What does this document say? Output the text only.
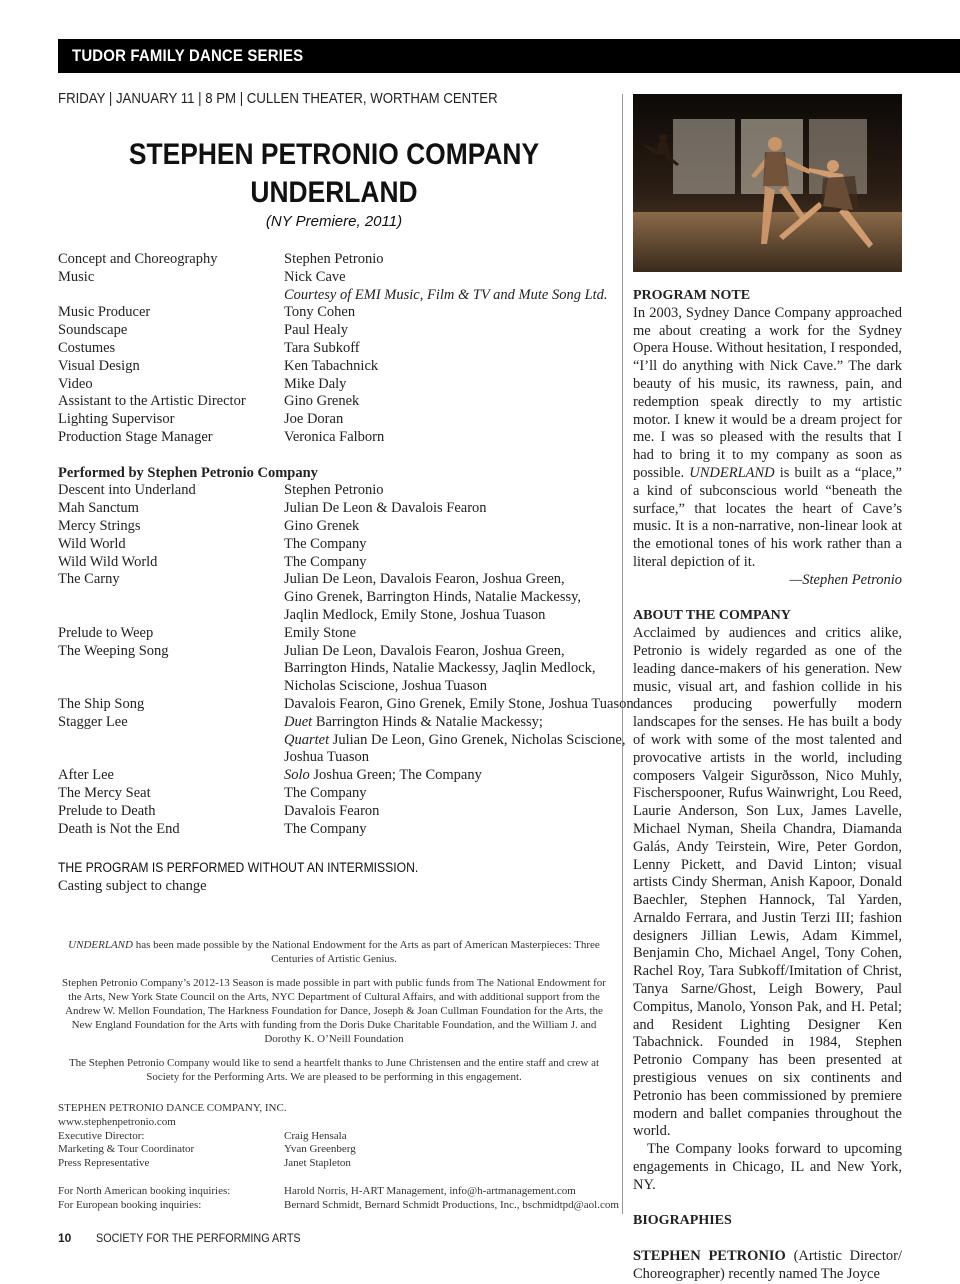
TUDOR FAMILY DANCE SERIES
FRIDAY | JANUARY 11 | 8 PM | CULLEN THEATER, WORTHAM CENTER
STEPHEN PETRONIO COMPANY
UNDERLAND
(NY Premiere, 2011)
Concept and Choreography	Stephen Petronio
Music	Nick Cave
Courtesy of EMI Music, Film & TV and Mute Song Ltd.
Music Producer	Tony Cohen
Soundscape	Paul Healy
Costumes	Tara Subkoff
Visual Design	Ken Tabachnick
Video	Mike Daly
Assistant to the Artistic Director	Gino Grenek
Lighting Supervisor	Joe Doran
Production Stage Manager	Veronica Falborn
Performed by Stephen Petronio Company
Descent into Underland	Stephen Petronio
Mah Sanctum	Julian De Leon & Davalois Fearon
Mercy Strings	Gino Grenek
Wild World	The Company
Wild Wild World	The Company
The Carny	Julian De Leon, Davalois Fearon, Joshua Green,
Gino Grenek, Barrington Hinds, Natalie Mackessy,
Jaqlin Medlock, Emily Stone, Joshua Tuason
Prelude to Weep	Emily Stone
The Weeping Song	Julian De Leon, Davalois Fearon, Joshua Green,
Barrington Hinds, Natalie Mackessy, Jaqlin Medlock,
Nicholas Sciscione, Joshua Tuason
The Ship Song	Davalois Fearon, Gino Grenek, Emily Stone, Joshua Tuason
Stagger Lee	Duet Barrington Hinds & Natalie Mackessy;
Quartet Julian De Leon, Gino Grenek, Nicholas Sciscione,
Joshua Tuason
After Lee	Solo Joshua Green; The Company
The Mercy Seat	The Company
Prelude to Death	Davalois Fearon
Death is Not the End	The Company
THE PROGRAM IS PERFORMED WITHOUT AN INTERMISSION.
Casting subject to change

UNDERLAND has been made possible by the National Endowment for the Arts as part of American Masterpieces: Three Centuries of Artistic Genius.

Stephen Petronio Company’s 2012-13 Season is made possible in part with public funds from The National Endowment for the Arts, New York State Council on the Arts, NYC Department of Cultural Affairs, and with additional support from the Andrew W. Mellon Foundation, The Harkness Foundation for Dance, Joseph & Joan Cullman Foundation for the Arts, the New England Foundation for the Arts with funding from the Doris Duke Charitable Foundation, and the William J. and Dorothy K. O’Neill Foundation

The Stephen Petronio Company would like to send a heartfelt thanks to June Christensen and the entire staff and crew at Society for the Performing Arts. We are pleased to be performing in this engagement.

STEPHEN PETRONIO DANCE COMPANY, INC.
www.stephenpetronio.com
Executive Director:	Craig Hensala
Marketing & Tour Coordinator	Yvan Greenberg
Press Representative	Janet Stapleton
For North American booking inquiries:	Harold Norris, H-ART Management, info@h-artmanagement.com
For European booking inquiries:	Bernard Schmidt, Bernard Schmidt Productions, Inc., bschmidtpd@aol.com
10 SOCIETY FOR THE PERFORMING ARTS
PROGRAM NOTE

In 2003, Sydney Dance Company approached me about creating a work for the Sydney Opera House. Without hesitation, I responded, “I’ll do anything with Nick Cave.” The dark beauty of his music, its rawness, pain, and redemption speak directly to my artistic motor. I knew it would be a dream project for me. I was so pleased with the results that I had to bring it to my company as soon as possible. UNDERLAND is built as a “place,” a kind of subconscious world “beneath the surface,” that locates the heart of Cave’s music. It is a non-narrative, non-linear look at the emotional tones of his work rather than a literal depiction of it.

—Stephen Petronio

ABOUT THE COMPANY

Acclaimed by audiences and critics alike, Petronio is widely regarded as one of the leading dance-makers of his generation. New music, visual art, and fashion collide in his dances producing powerfully modern landscapes for the senses. He has built a body of work with some of the most talented and provocative artists in the world, including composers Valgeir Sigurðsson, Nico Muhly, Fischerspooner, Rufus Wainwright, Lou Reed, Laurie Anderson, Son Lux, James Lavelle, Michael Nyman, Sheila Chandra, Diamanda Galás, Andy Teirstein, Wire, Peter Gordon, Lenny Pickett, and David Linton; visual artists Cindy Sherman, Anish Kapoor, Donald Baechler, Stephen Hannock, Tal Yarden, Arnaldo Ferrara, and Justin Terzi III; fashion designers Jillian Lewis, Adam Kimmel, Benjamin Cho, Michael Angel, Tony Cohen, Rachel Roy, Tara Subkoff/Imitation of Christ, Tanya Sarne/Ghost, Leigh Bowery, Paul Compitus, Manolo, Yonson Pak, and H. Petal; and Resident Lighting Designer Ken Tabachnick. Founded in 1984, Stephen Petronio Company has been presented at prestigious venues on six continents and Petronio has been commissioned by premiere modern and ballet companies throughout the world.

The Company looks forward to upcoming engagements in Chicago, IL and New York, NY.

BIOGRAPHIES

STEPHEN PETRONIO (Artistic Director/ Choreographer) recently named The Joyce
